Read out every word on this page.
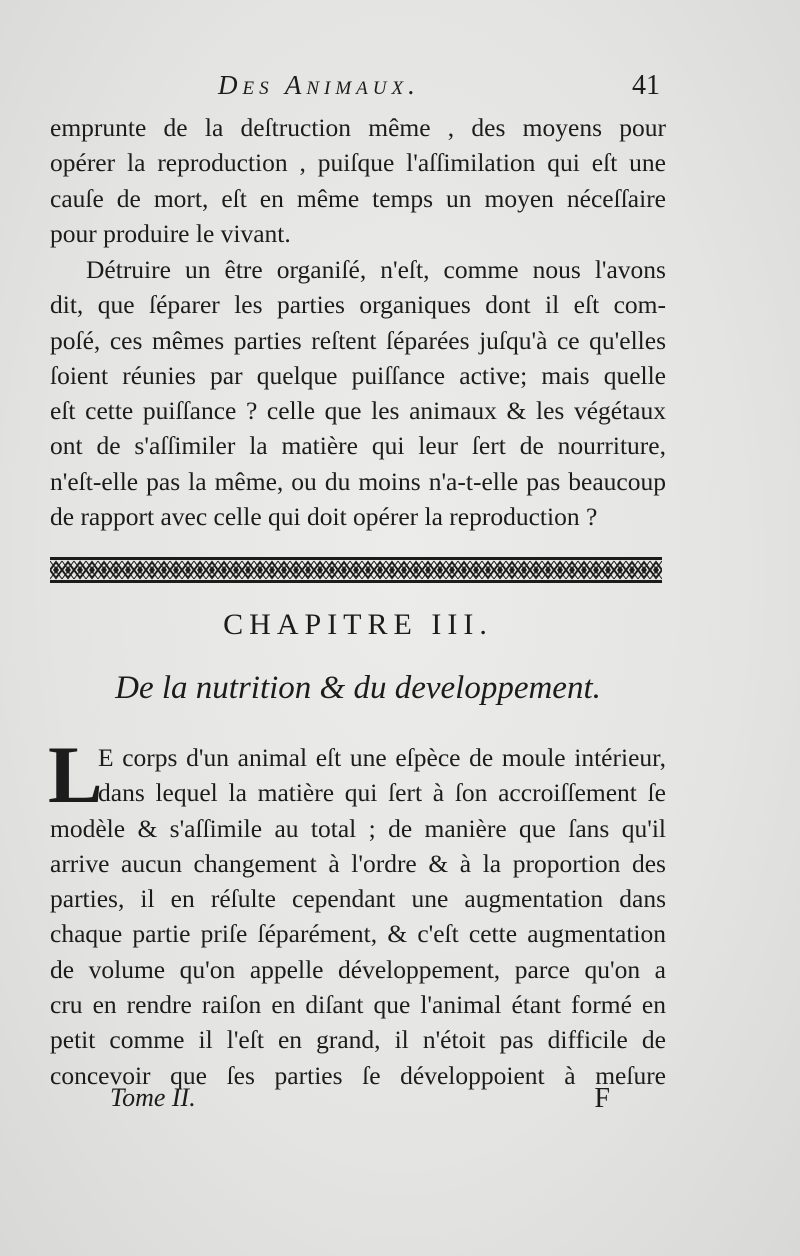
Des Animaux.	41
emprunte de la deſtruction même , des moyens pour
opérer la reproduction , puiſque l'aſſimilation qui eſt une
cauſe de mort, eſt en même temps un moyen néceſſaire
pour produire le vivant.
Détruire un être organiſé, n'eſt, comme nous l'avons
dit, que ſéparer les parties organiques dont il eſt com-
poſé, ces mêmes parties reſtent ſéparées juſqu'à ce qu'elles
ſoient réunies par quelque puiſſance active; mais quelle
eſt cette puiſſance ? celle que les animaux & les végétaux
ont de s'aſſimiler la matière qui leur ſert de nourriture,
n'eſt-elle pas la même, ou du moins n'a-t-elle pas beaucoup
de rapport avec celle qui doit opérer la reproduction ?
CHAPITRE III.
De la nutrition & du developpement.
L
E corps d'un animal eſt une eſpèce de moule intérieur,
dans lequel la matière qui ſert à ſon accroiſſement ſe
modèle & s'aſſimile au total ; de manière que ſans qu'il
arrive aucun changement à l'ordre & à la proportion des
parties, il en réſulte cependant une augmentation dans
chaque partie priſe ſéparément, & c'eſt cette augmentation
de volume qu'on appelle développement, parce qu'on a
cru en rendre raiſon en diſant que l'animal étant formé en
petit comme il l'eſt en grand, il n'étoit pas difficile de
concevoir que ſes parties ſe développoient à meſure
Tome II.	F
